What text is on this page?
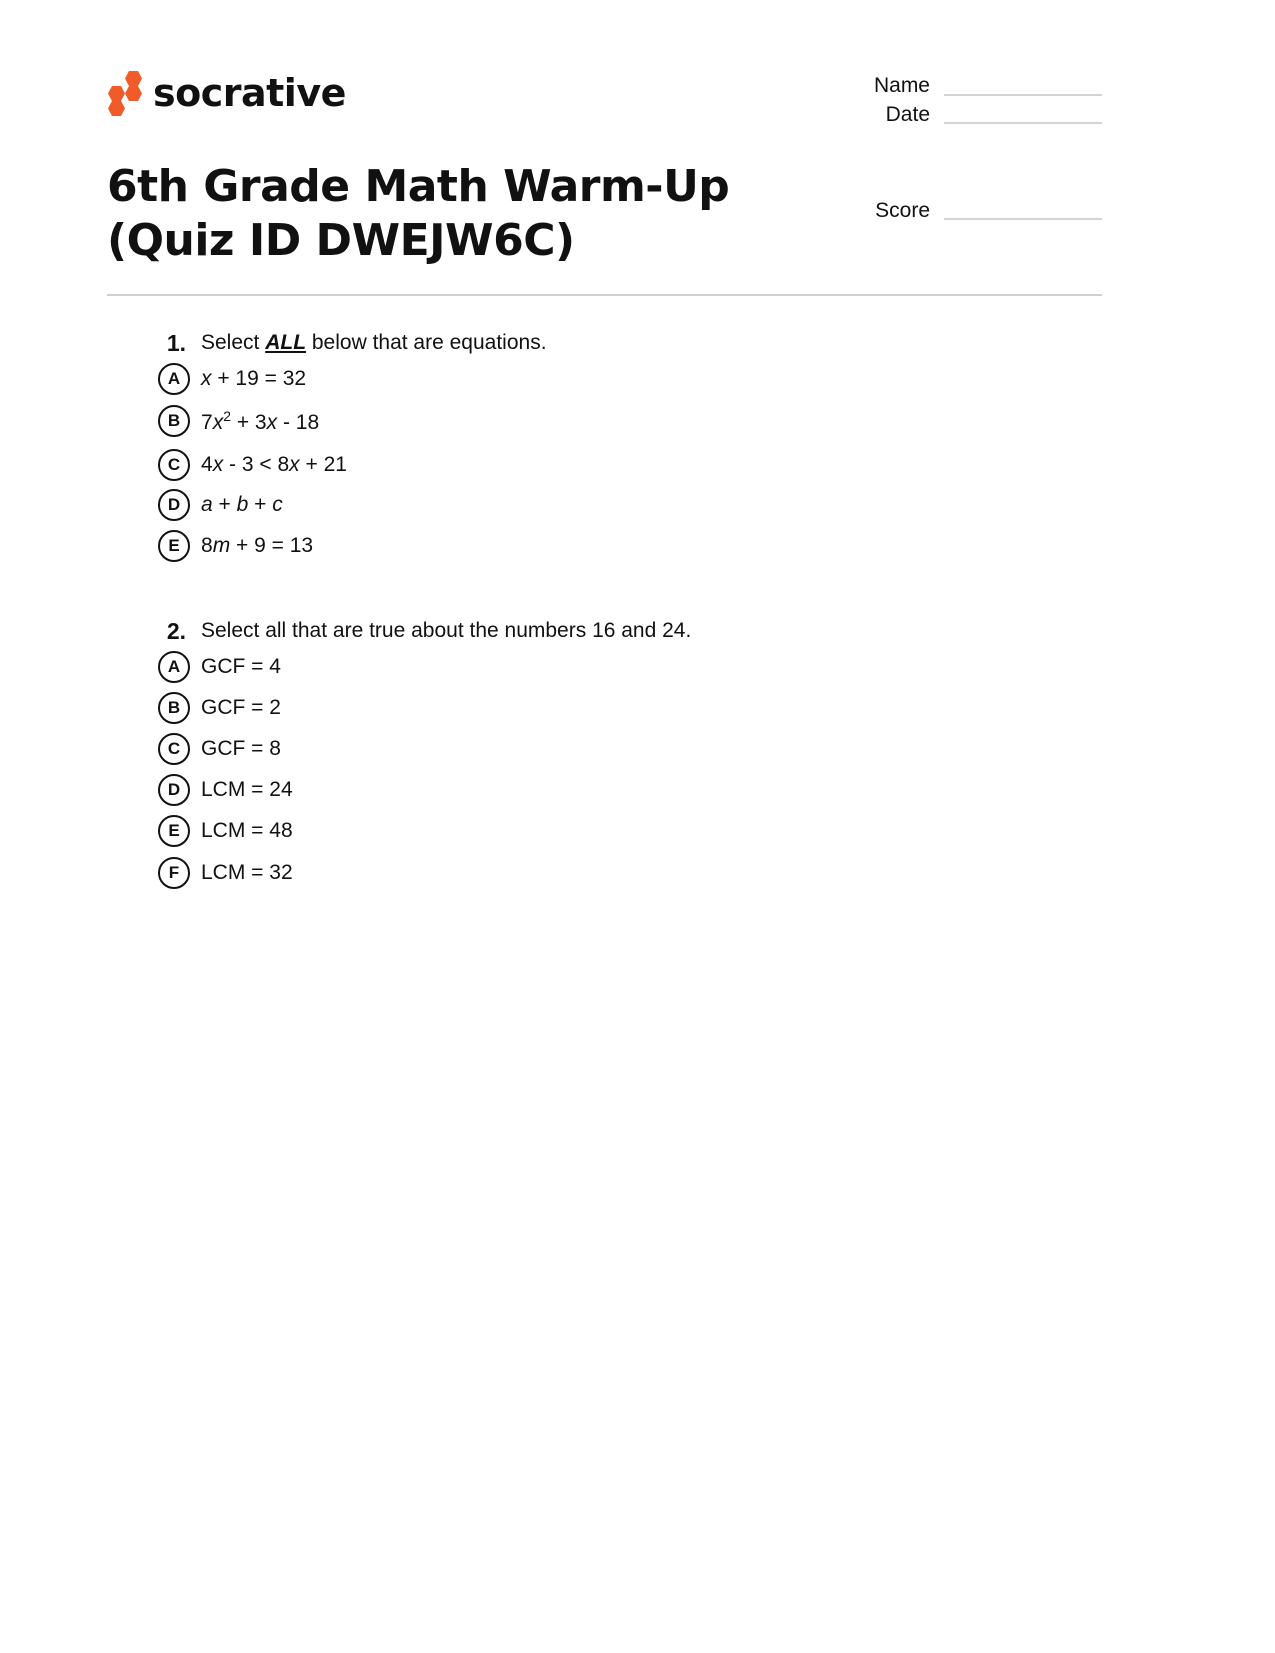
socrative	Name
Date
Score
6th Grade Math Warm-Up (Quiz ID DWEJW6C)
1. Select ALL below that are equations.
A x + 19 = 32
B $7x^2 + 3x - 18$
C 4x - 3 < 8x + 21
D a + b + c
E	8m + 9 = 13
2. Select all that are true about the numbers 16 and 24.
A GCF = 4
B GCF = 2
C GCF = 8
D LCM = 24
E	LCM = 48
F	LCM = 32
